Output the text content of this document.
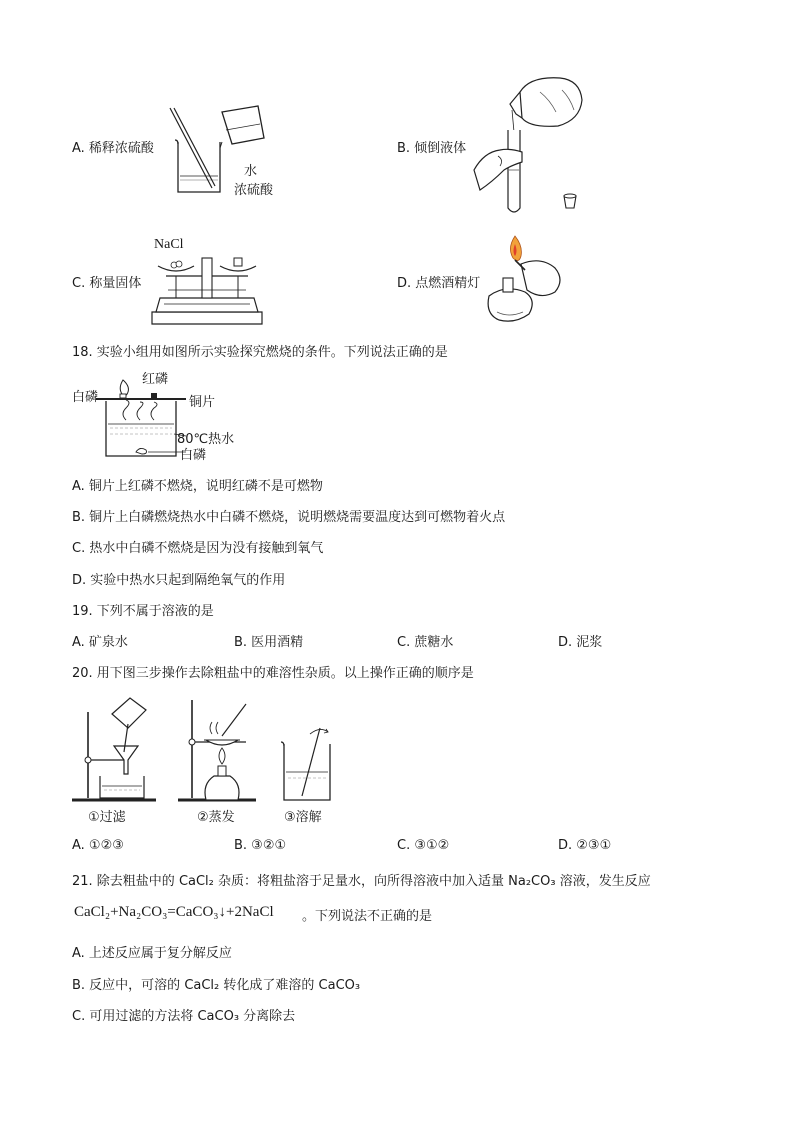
A. 稀释浓硫酸
水
浓硫酸
B. 倾倒液体
C. 称量固体
NaCl
D. 点燃酒精灯
18. 实验小组用如图所示实验探究燃烧的条件。下列说法正确的是
红磷
白磷	铜片
80℃热水
白磷
A. 铜片上红磷不燃烧，说明红磷不是可燃物
B. 铜片上白磷燃烧热水中白磷不燃烧，说明燃烧需要温度达到可燃物着火点
C. 热水中白磷不燃烧是因为没有接触到氧气
D. 实验中热水只起到隔绝氧气的作用
19. 下列不属于溶液的是
A. 矿泉水	B. 医用酒精	C. 蔗糖水	D. 泥浆
20. 用下图三步操作去除粗盐中的难溶性杂质。以上操作正确的顺序是
①过滤	②蒸发	③溶解
A. ①②③	B. ③②①	C. ③①②	D. ②③①
21. 除去粗盐中的 CaCl₂ 杂质：将粗盐溶于足量水，向所得溶液中加入适量 Na₂CO₃ 溶液，发生反应
CaCl₂+Na₂CO₃=CaCO₃↓+2NaCl 。下列说法不正确的是
A. 上述反应属于复分解反应
B. 反应中，可溶的 CaCl₂ 转化成了难溶的 CaCO₃
C. 可用过滤的方法将 CaCO₃ 分离除去
